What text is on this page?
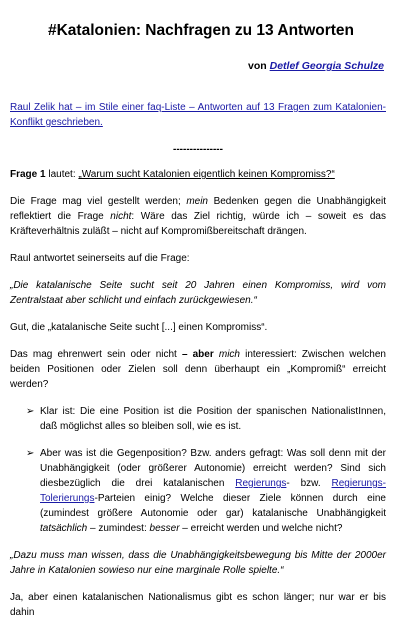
#Katalonien: Nachfragen zu 13 Antworten
von Detlef Georgia Schulze

Raul Zelik hat – im Stile einer faq-Liste – Antworten auf 13 Fragen zum Katalonien-Konflikt geschrieben.

---------------

Frage 1 lautet: „Warum sucht Katalonien eigentlich keinen Kompromiss?“

Die Frage mag viel gestellt werden; mein Bedenken gegen die Unabhängigkeit reflektiert die Frage nicht: Wäre das Ziel richtig, würde ich – soweit es das Kräfteverhältnis zuläßt – nicht auf Kompromißbereitschaft drängen.

Raul antwortet seinerseits auf die Frage:

„Die katalanische Seite sucht seit 20 Jahren einen Kompromiss, wird vom Zentralstaat aber schlicht und einfach zurückgewiesen.“

Gut, die „katalanische Seite sucht [...] einen Kompromiss“.

Das mag ehrenwert sein oder nicht – aber mich interessiert: Zwischen welchen beiden Positionen oder Zielen soll denn überhaupt ein „Kompromiß“ erreicht werden?

➢ Klar ist: Die eine Position ist die Position der spanischen NationalistInnen, daß möglichst alles so bleiben soll, wie es ist.
➢ Aber was ist die Gegenposition? Bzw. anders gefragt: Was soll denn mit der Unabhängigkeit (oder größerer Autonomie) erreicht werden? Sind sich diesbezüglich die drei katalanischen Regierungs- bzw. Regierungs-Tolerierungs-Parteien einig? Welche dieser Ziele können durch eine (zumindest größere Autonomie oder gar) katalanische Unabhängigkeit tatsächlich – zumindest: besser – erreicht werden und welche nicht?

„Dazu muss man wissen, dass die Unabhängigkeitsbewegung bis Mitte der 2000er Jahre in Katalonien sowieso nur eine marginale Rolle spielte.“

Ja, aber einen katalanischen Nationalismus gibt es schon länger; nur war er bis dahin
